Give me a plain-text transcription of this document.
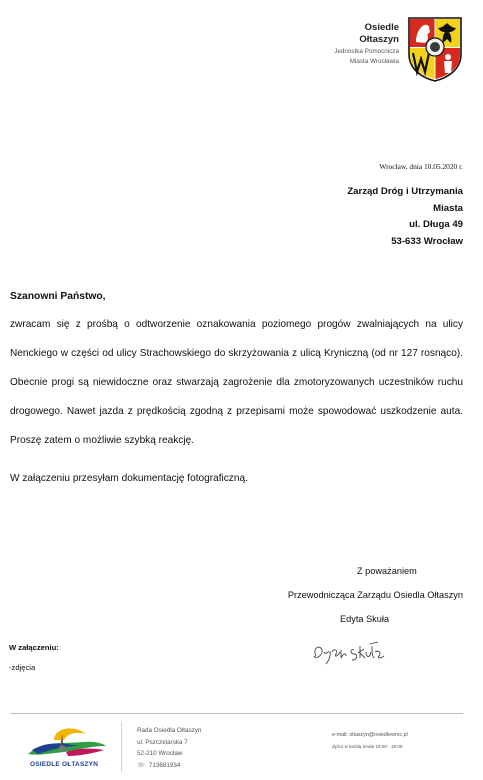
Osiedle
Ołtaszyn
Jednostka Pomocnicza
Miasta Wrocławia
Wrocław, dnia 10.05.2020 r.
Zarząd Dróg i Utrzymania
Miasta
ul. Długa 49
53-633 Wrocław
Szanowni Państwo,
zwracam się z prośbą o odtworzenie oznakowania poziomego progów zwalniających na ulicy Nenckiego w części od ulicy Strachowskiego do skrzyżowania z ulicą Kryniczną (od nr 127 rosnąco). Obecnie progi są niewidoczne oraz stwarzają zagrożenie dla zmotoryzowanych uczestników ruchu drogowego. Nawet jazda z prędkością zgodną z przepisami może spowodować uszkodzenie auta. Proszę zatem o możliwie szybką reakcję.
W załączeniu przesyłam dokumentację fotograficzną.
Z poważaniem
Przewodnicząca Zarządu Osiedla Ołtaszyn
Edyta Skuła
W załączeniu:
-zdjęcia
OSIEDLE OŁTASZYN
Rada Osiedla Ołtaszyn
ul. Pszczelarska 7
52-210 Wrocław
☏ 713681934
e-mail: oltaszyn@osiedlewroc.pl
dyżur w każdą środę 18:00 - 19:00
